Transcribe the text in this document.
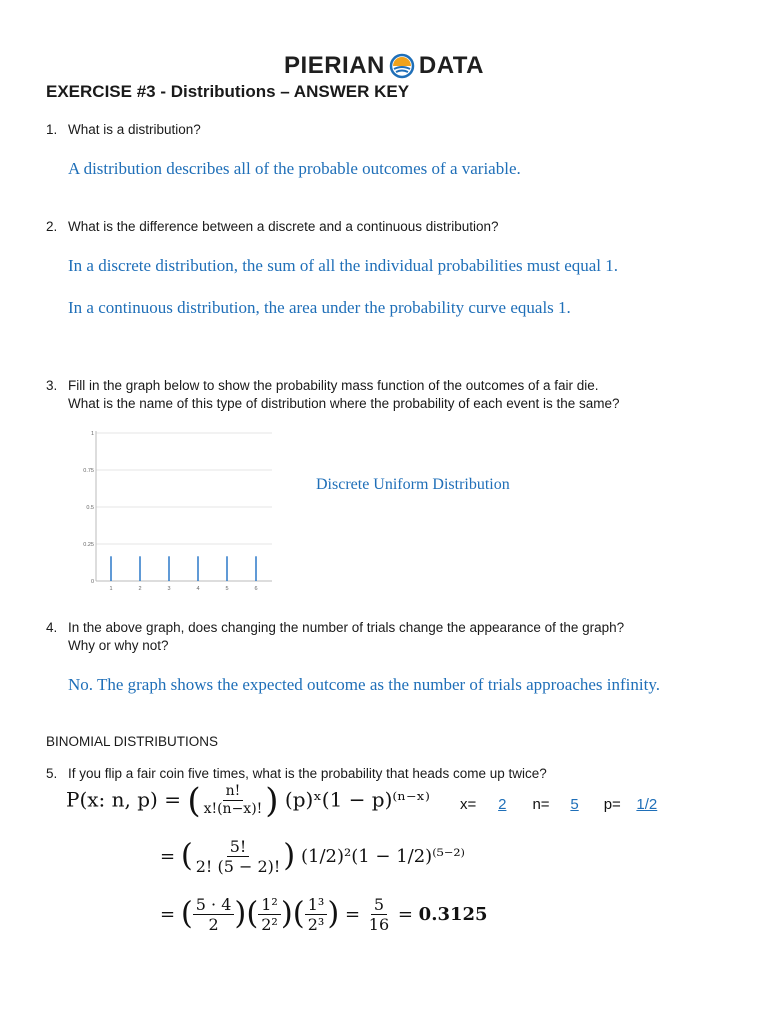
PIERIAN DATA
EXERCISE #3 - Distributions – ANSWER KEY
1. What is a distribution?
A distribution describes all of the probable outcomes of a variable.
2. What is the difference between a discrete and a continuous distribution?
In a discrete distribution, the sum of all the individual probabilities must equal 1.
In a continuous distribution, the area under the probability curve equals 1.
3. Fill in the graph below to show the probability mass function of the outcomes of a fair die.
What is the name of this type of distribution where the probability of each event is the same?
0
0.25
0.5
0.75
1
1	2	3	4	5	6
Discrete Uniform Distribution
4. In the above graph, does changing the number of trials change the appearance of the graph?
Why or why not?
No. The graph shows the expected outcome as the number of trials approaches infinity.
BINOMIAL DISTRIBUTIONS
5. If you flip a fair coin five times, what is the probability that heads come up twice?
P(x: n, p) = ( $\frac{n!}{x!(n-x)!}$ ) (p)ˣ(1 − p)⁽ⁿ⁻ˣ⁾ x= 2 n= 5 p= 1/2
= ( $\frac{5!}{2! (5 - 2)!}$ ) (1/2)²(1 − 1/2)⁽⁵⁻²⁾
= ( $\frac{5 \cdot 4}{2}$ )( $\frac{\text{1²}}{\text{2²}}$ )( $\frac{\text{1³}}{\text{2³}}$ ) = $\frac{5}{16} = 0.3125$
